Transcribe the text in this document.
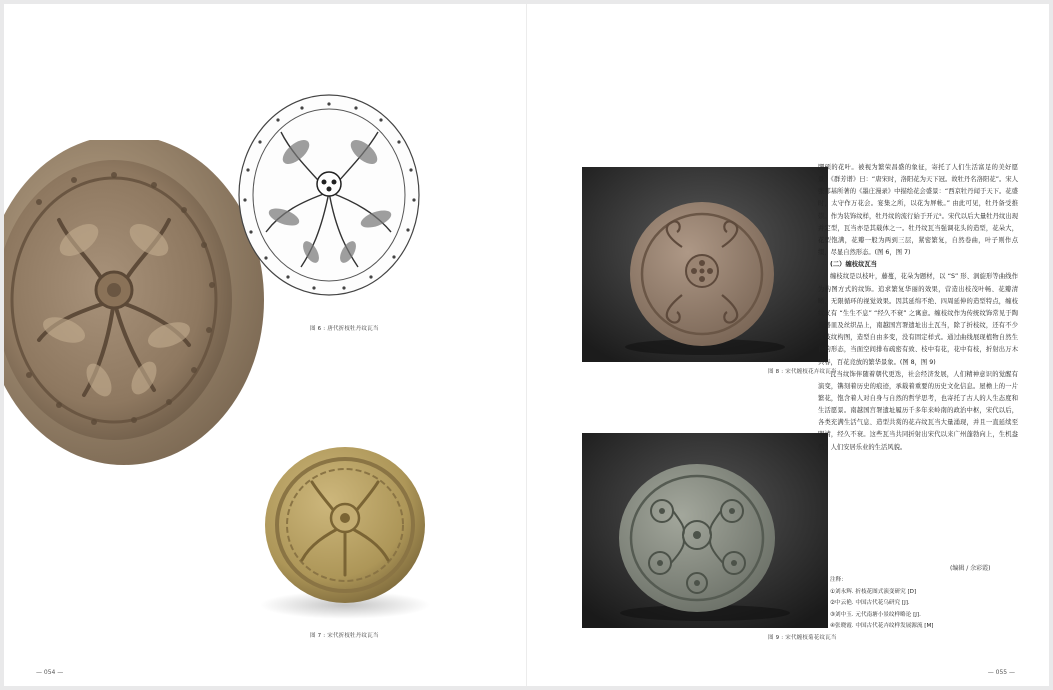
图 6 : 唐代折枝牡丹纹瓦当
图 7 : 宋代折枝牡丹纹瓦当
— 054 —
图 8 : 宋代缠枝花卉纹瓦当
图 9 : 宋代缠枝菊花纹瓦当

肥硕的花叶。被视为繁荣昌盛的象征，寄托了人们生活富足的美好愿景。《群芳谱》曰：“唐宋时，洛阳花为天下冠。故牡丹名洛阳花”。宋人张邦基所著的《墨庄漫录》中描绘花会盛景：“西京牡丹闻于天下。花盛时，太守作万花会。宴集之所，以花为屏帐。” 由此可见，牡丹备受推崇。作为装饰纹样，牡丹纹的流行始于开元⁵。宋代以后大量牡丹纹出现并定型，瓦当亦是其载体之一。牡丹纹瓦当强调花头的造型，花朵大，花型饱满，花瓣一般为两到三层，紧密繁复，自然卷曲，叶子则作点缀，尽显自然形态。(图 6，图 7)

(二）缠枝纹瓦当

缠枝纹是以枝叶，藤蔓，花朵为题材，以 “S” 形、涡旋形等曲线作为构图方式的纹饰。追求繁复华丽的效果，营造出枝茂叶畅、花瓣清晰、无限循环的视觉效果。因其延绵不绝、四周延伸的造型特点，缠枝纹又有 “生生不息” “经久不衰” 之寓意。缠枝纹作为传统纹饰常见于陶瓷器皿及丝织品上，南越国宫署遗址出土瓦当，除了折枝纹，还有不少缠枝纹构图，造型自由多变，没有固定样式。通过曲线展现植物自然生长的形态，当面空间排布疏密有致、枝中有花，花中有枝，折射出万木共春，百花竞放的繁华景象。(图 8，图 9)

瓦当纹饰伴随着朝代更迭，社会经济发展，人们精神意识的觉醒有演变，镌刻着历史的痕迹，承载着重要的历史文化信息。屋檐上的一片繁花，饱含着人对自身与自然的哲学思考，也寄托了古人的人生态度和生活愿景。南越国宫署遗址履历千多年来岭南的政治中枢，宋代以后，各类充满生活气息、造型共赏的花卉纹瓦当大量涌现，并且一直延续至明清，经久不衰。这些瓦当共同折射出宋代以来广州蓬勃向上，生机盎然、人们安居乐业的生活风貌。

(编辑 / 余彩霞)
注释：
①刘永辉. 折枝花图式演变研究 [D]
②中云艳. 中国古代花乌研究 [J].
③刘中玉. 元代南塘小景纹样略论 [J].
④张晓霞. 中国古代花卉纹样发展源流 [M]
— 055 —
